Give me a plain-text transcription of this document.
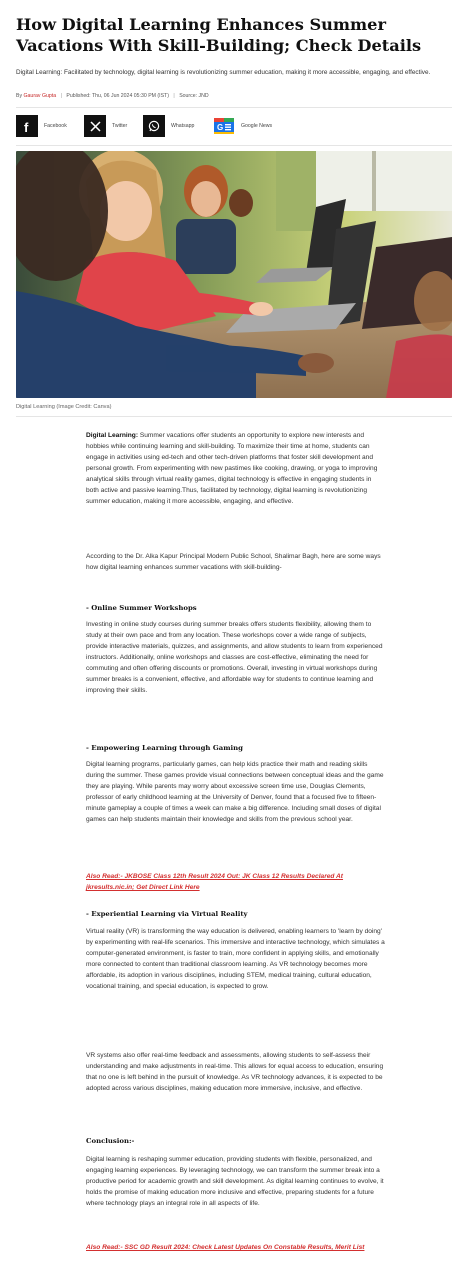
How Digital Learning Enhances Summer Vacations With Skill-Building; Check Details

Digital Learning: Facilitated by technology, digital learning is revolutionizing summer education, making it more accessible, engaging, and effective.

By Gaurav Gupta | Published: Thu, 06 Jun 2024 05:30 PM (IST) | Source: JND
f	Facebook	Twitter	Whatsapp	G	Google News
Digital Learning (Image Credit: Canva)

Digital Learning: Summer vacations offer students an opportunity to explore new interests and hobbies while continuing learning and skill-building. To maximize their time at home, students can engage in activities using ed-tech and other tech-driven platforms that foster skill development and personal growth. From experimenting with new pastimes like cooking, drawing, or yoga to improving analytical skills through virtual reality games, digital technology is effective in engaging students in both active and passive learning.Thus, facilitated by technology, digital learning is revolutionizing summer education, making it more accessible, engaging, and effective.

According to the Dr. Alka Kapur Principal Modern Public School, Shalimar Bagh, here are some ways how digital learning enhances summer vacations with skill-building-

- Online Summer Workshops

Investing in online study courses during summer breaks offers students flexibility, allowing them to study at their own pace and from any location. These workshops cover a wide range of subjects, provide interactive materials, quizzes, and assignments, and allow students to learn from experienced instructors. Additionally, online workshops and classes are cost-effective, eliminating the need for commuting and often offering discounts or promotions. Overall, investing in virtual workshops during summer breaks is a convenient, effective, and affordable way for students to continue learning and improving their skills.

- Empowering Learning through Gaming

Digital learning programs, particularly games, can help kids practice their math and reading skills during the summer. These games provide visual connections between conceptual ideas and the game they are playing. While parents may worry about excessive screen time use, Douglas Clements, professor of early childhood learning at the University of Denver, found that a focused five to fifteen-minute gameplay a couple of times a week can make a big difference. Including small doses of digital games can help students maintain their knowledge and skills from the previous school year.

Also Read:- JKBOSE Class 12th Result 2024 Out: JK Class 12 Results Declared At jkresults.nic.in; Get Direct Link Here
- Experiential Learning via Virtual Reality

Virtual reality (VR) is transforming the way education is delivered, enabling learners to 'learn by doing' by experimenting with real-life scenarios. This immersive and interactive technology, which simulates a computer-generated environment, is faster to train, more confident in applying skills, and emotionally more connected to content than traditional classroom learning. As VR technology becomes more affordable, its adoption in various disciplines, including STEM, medical training, cultural education, vocational training, and special education, is expected to grow.

VR systems also offer real-time feedback and assessments, allowing students to self-assess their understanding and make adjustments in real-time. This allows for equal access to education, ensuring that no one is left behind in the pursuit of knowledge. As VR technology advances, it is expected to be adopted across various disciplines, making education more immersive, inclusive, and effective.

Conclusion:-

Digital learning is reshaping summer education, providing students with flexible, personalized, and engaging learning experiences. By leveraging technology, we can transform the summer break into a productive period for academic growth and skill development. As digital learning continues to evolve, it holds the promise of making education more inclusive and effective, preparing students for a future where technology plays an integral role in all aspects of life.

Also Read:- SSC GD Result 2024: Check Latest Updates On Constable Results, Merit List
